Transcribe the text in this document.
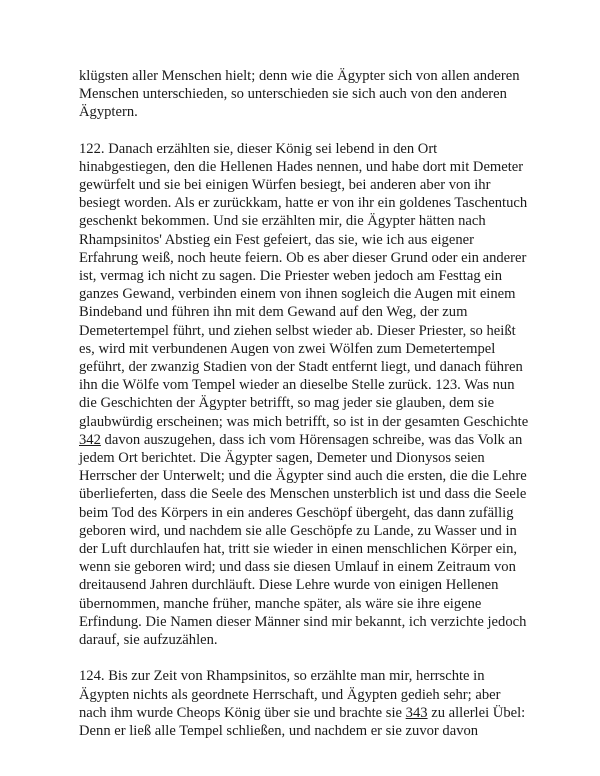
klügsten aller Menschen hielt; denn wie die Ägypter sich von allen anderen Menschen unterschieden, so unterschieden sie sich auch von den anderen Ägyptern.

122. Danach erzählten sie, dieser König sei lebend in den Ort hinabgestiegen, den die Hellenen Hades nennen, und habe dort mit Demeter gewürfelt und sie bei einigen Würfen besiegt, bei anderen aber von ihr besiegt worden. Als er zurückkam, hatte er von ihr ein goldenes Taschentuch geschenkt bekommen. Und sie erzählten mir, die Ägypter hätten nach Rhampsinitos' Abstieg ein Fest gefeiert, das sie, wie ich aus eigener Erfahrung weiß, noch heute feiern. Ob es aber dieser Grund oder ein anderer ist, vermag ich nicht zu sagen. Die Priester weben jedoch am Festtag ein ganzes Gewand, verbinden einem von ihnen sogleich die Augen mit einem Bindeband und führen ihn mit dem Gewand auf den Weg, der zum Demetertempel führt, und ziehen selbst wieder ab. Dieser Priester, so heißt es, wird mit verbundenen Augen von zwei Wölfen zum Demetertempel geführt, der zwanzig Stadien von der Stadt entfernt liegt, und danach führen ihn die Wölfe vom Tempel wieder an dieselbe Stelle zurück. 123. Was nun die Geschichten der Ägypter betrifft, so mag jeder sie glauben, dem sie glaubwürdig erscheinen; was mich betrifft, so ist in der gesamten Geschichte 342 davon auszugehen, dass ich vom Hörensagen schreibe, was das Volk an jedem Ort berichtet. Die Ägypter sagen, Demeter und Dionysos seien Herrscher der Unterwelt; und die Ägypter sind auch die ersten, die die Lehre überlieferten, dass die Seele des Menschen unsterblich ist und dass die Seele beim Tod des Körpers in ein anderes Geschöpf übergeht, das dann zufällig geboren wird, und nachdem sie alle Geschöpfe zu Lande, zu Wasser und in der Luft durchlaufen hat, tritt sie wieder in einen menschlichen Körper ein, wenn sie geboren wird; und dass sie diesen Umlauf in einem Zeitraum von dreitausend Jahren durchläuft. Diese Lehre wurde von einigen Hellenen übernommen, manche früher, manche später, als wäre sie ihre eigene Erfindung. Die Namen dieser Männer sind mir bekannt, ich verzichte jedoch darauf, sie aufzuzählen.

124. Bis zur Zeit von Rhampsinitos, so erzählte man mir, herrschte in Ägypten nichts als geordnete Herrschaft, und Ägypten gedieh sehr; aber nach ihm wurde Cheops König über sie und brachte sie 343 zu allerlei Übel: Denn er ließ alle Tempel schließen, und nachdem er sie zuvor davon
